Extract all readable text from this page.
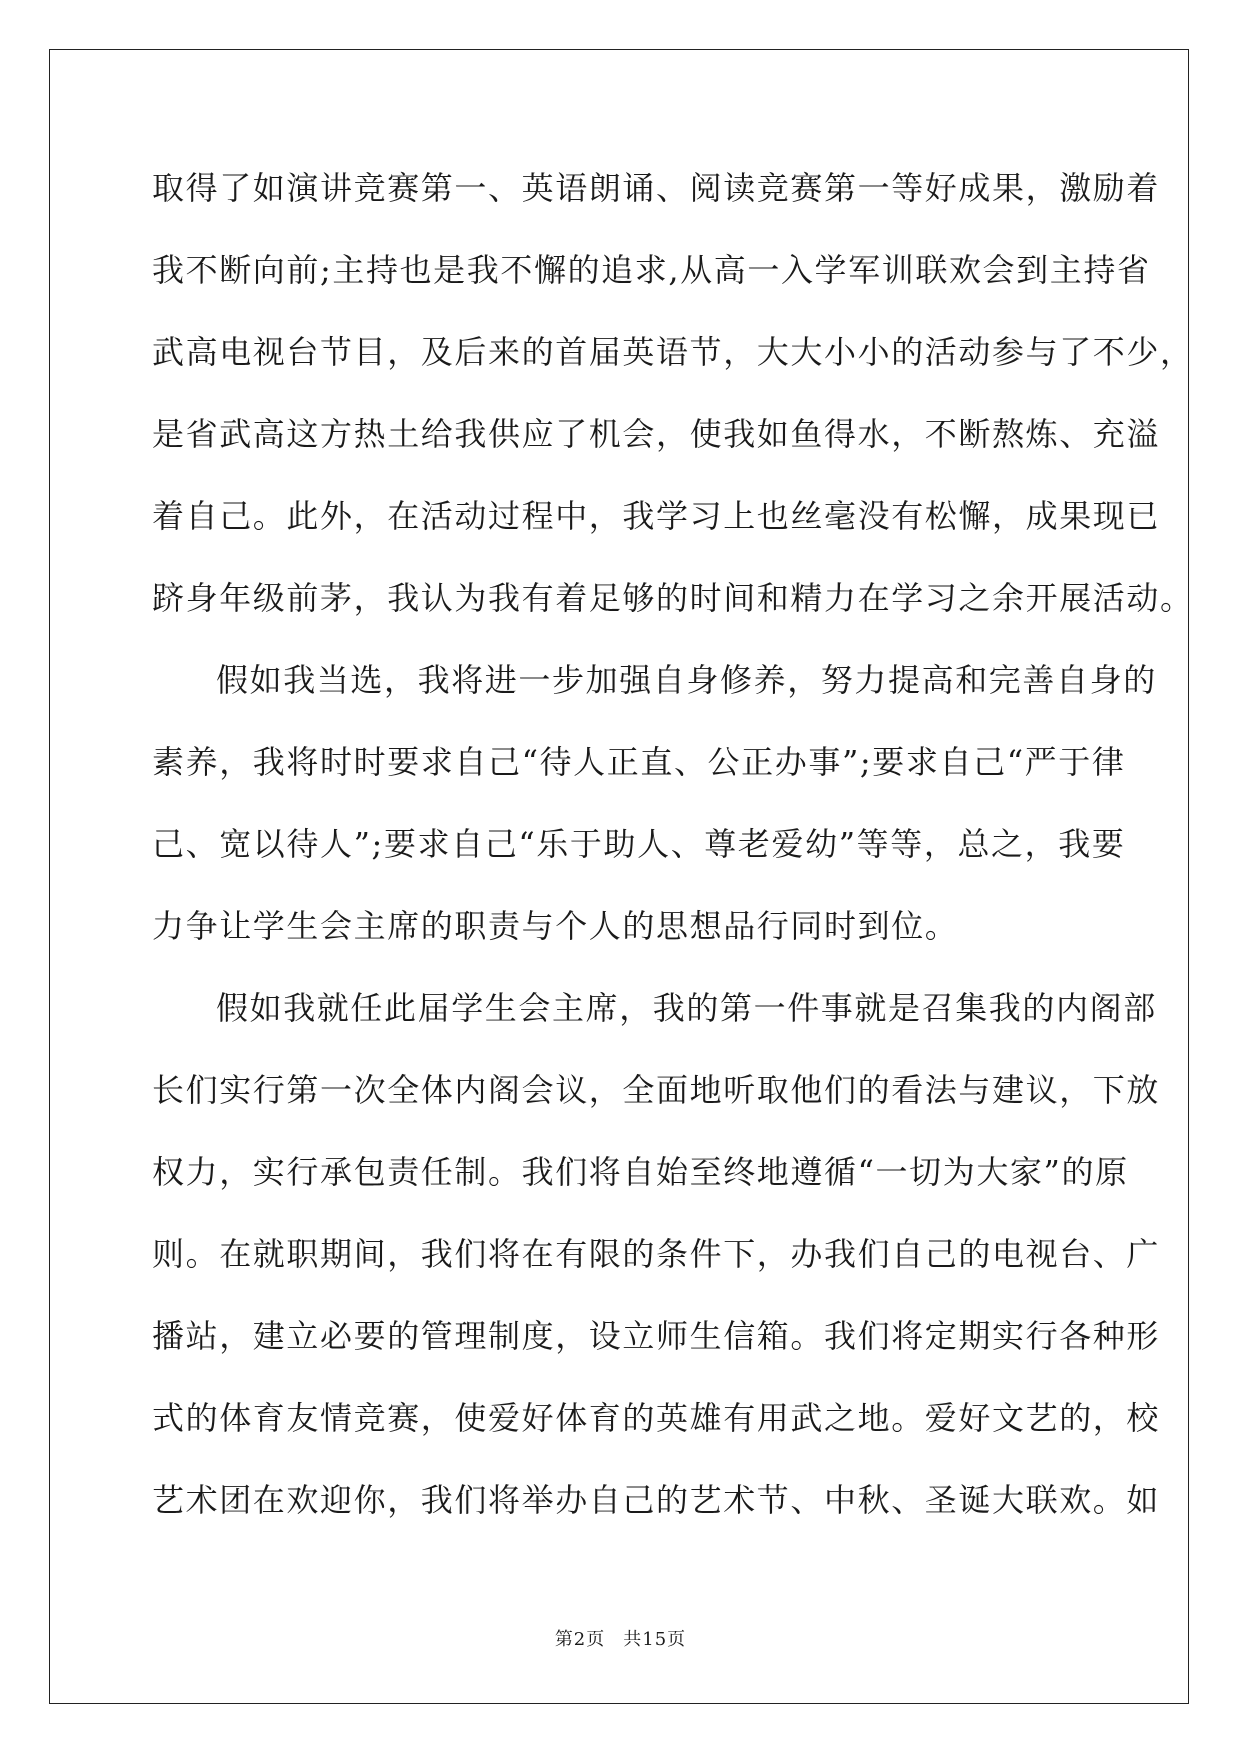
取得了如演讲竞赛第一、英语朗诵、阅读竞赛第一等好成果，激励着
我不断向前;主持也是我不懈的追求,从高一入学军训联欢会到主持省
武高电视台节目，及后来的首届英语节，大大小小的活动参与了不少，
是省武高这方热土给我供应了机会，使我如鱼得水，不断熬炼、充溢
着自己。此外，在活动过程中，我学习上也丝毫没有松懈，成果现已
跻身年级前茅，我认为我有着足够的时间和精力在学习之余开展活动。
假如我当选，我将进一步加强自身修养，努力提高和完善自身的
素养，我将时时要求自己“待人正直、公正办事”;要求自己“严于律
己、宽以待人”;要求自己“乐于助人、尊老爱幼”等等，总之，我要
力争让学生会主席的职责与个人的思想品行同时到位。
假如我就任此届学生会主席，我的第一件事就是召集我的内阁部
长们实行第一次全体内阁会议，全面地听取他们的看法与建议，下放
权力，实行承包责任制。我们将自始至终地遵循“一切为大家”的原
则。在就职期间，我们将在有限的条件下，办我们自己的电视台、广
播站，建立必要的管理制度，设立师生信箱。我们将定期实行各种形
式的体育友情竞赛，使爱好体育的英雄有用武之地。爱好文艺的，校
艺术团在欢迎你，我们将举办自己的艺术节、中秋、圣诞大联欢。如
第2页 共15页
